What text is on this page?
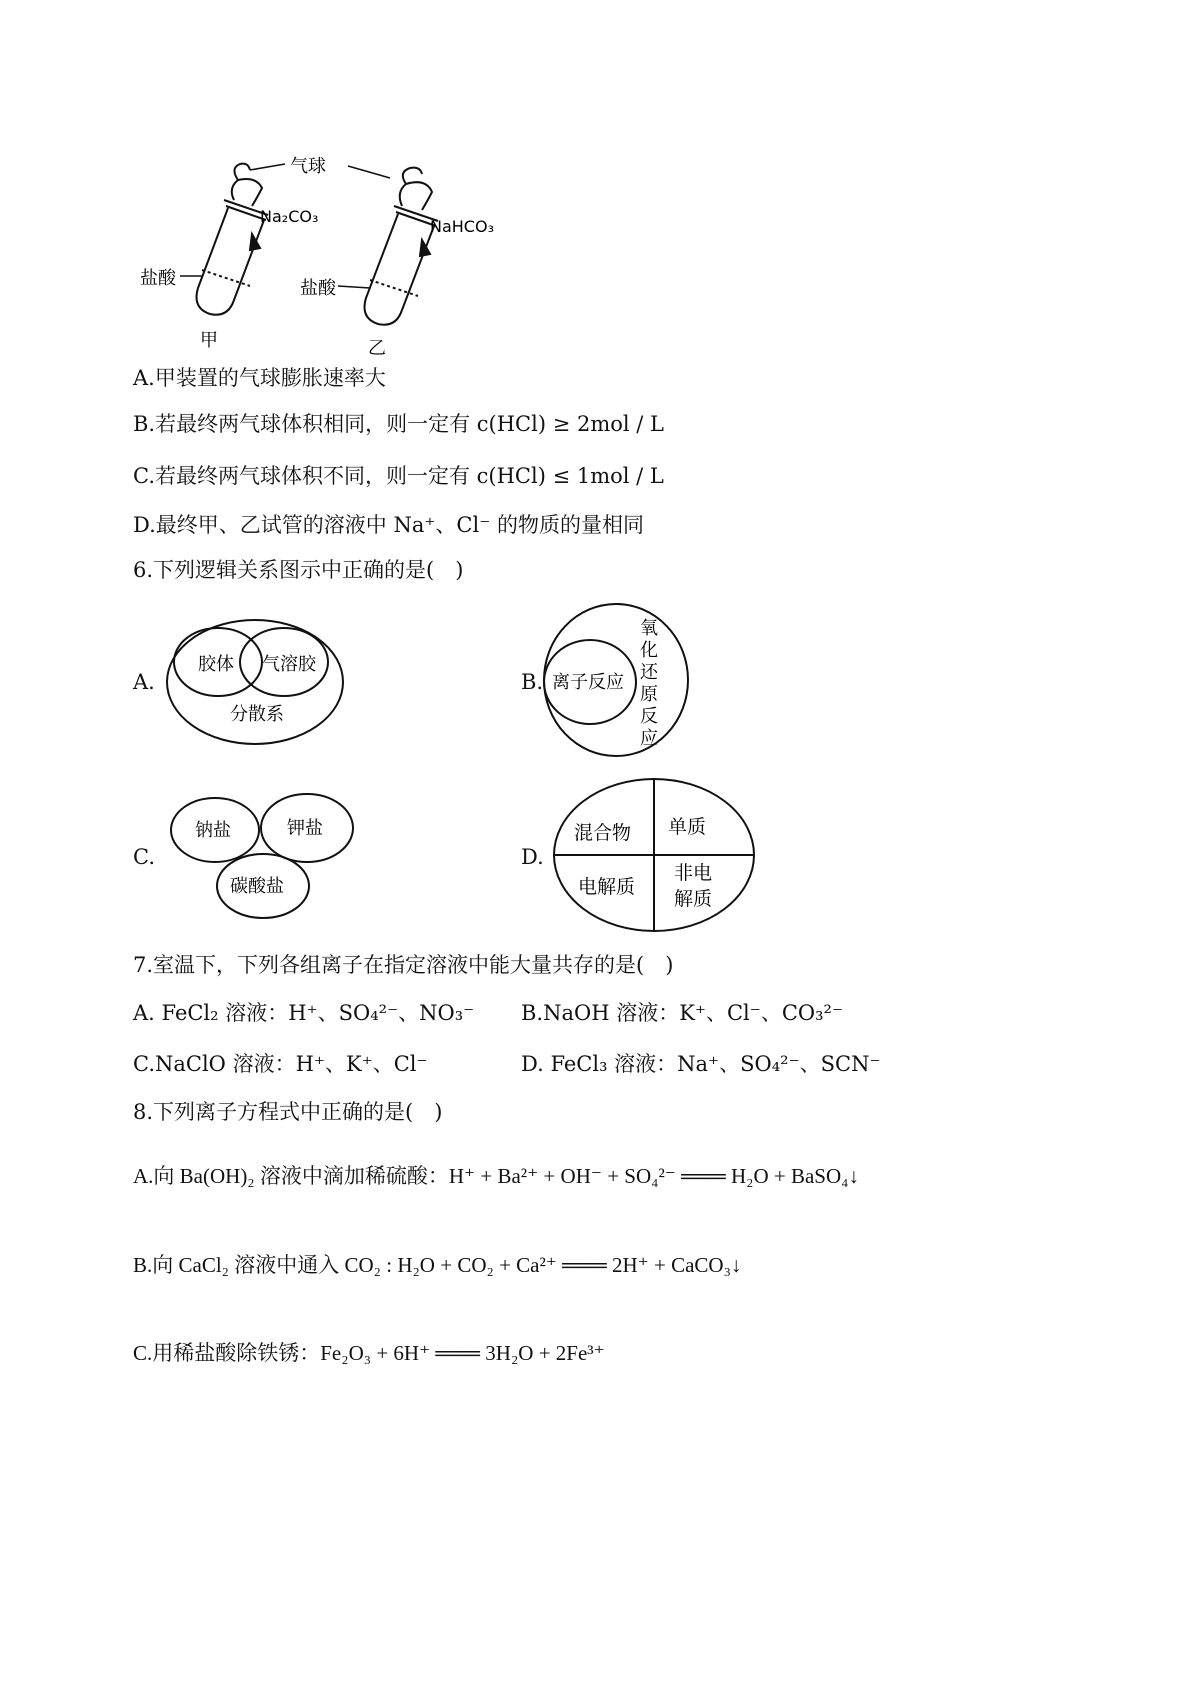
气球
Na₂CO₃
NaHCO₃
盐酸	盐酸
甲	乙
A.甲装置的气球膨胀速率大
B.若最终两气球体积相同，则一定有 c(HCl) ≥ 2mol / L
C.若最终两气球体积不同，则一定有 c(HCl) ≤ 1mol / L
D.最终甲、乙试管的溶液中 Na⁺、Cl⁻ 的物质的量相同
6.下列逻辑关系图示中正确的是(　)
A.
胶体 气溶胶
分散系
B. 离子反应
氧
化
还
原
反
应
C.
钠盐	钾盐
碳酸盐
D.
混合物 单质
电解质
非电
解质
7.室温下，下列各组离子在指定溶液中能大量共存的是(　)
A. FeCl₂ 溶液：H⁺、SO₄²⁻、NO₃⁻ B.NaOH 溶液：K⁺、Cl⁻、CO₃²⁻
C.NaClO 溶液：H⁺、K⁺、Cl⁻	D. FeCl₃ 溶液：Na⁺、SO₄²⁻、SCN⁻
8.下列离子方程式中正确的是(　)
A.向 Ba(OH)₂ 溶液中滴加稀硫酸：H⁺ + Ba²⁺ + OH⁻ + SO₄²⁻ ═══ H₂O + BaSO₄↓
B.向 CaCl₂ 溶液中通入 CO₂ : H₂O + CO₂ + Ca²⁺ ═══ 2H⁺ + CaCO₃↓
C.用稀盐酸除铁锈：Fe₂O₃ + 6H⁺ ═══ 3H₂O + 2Fe³⁺
